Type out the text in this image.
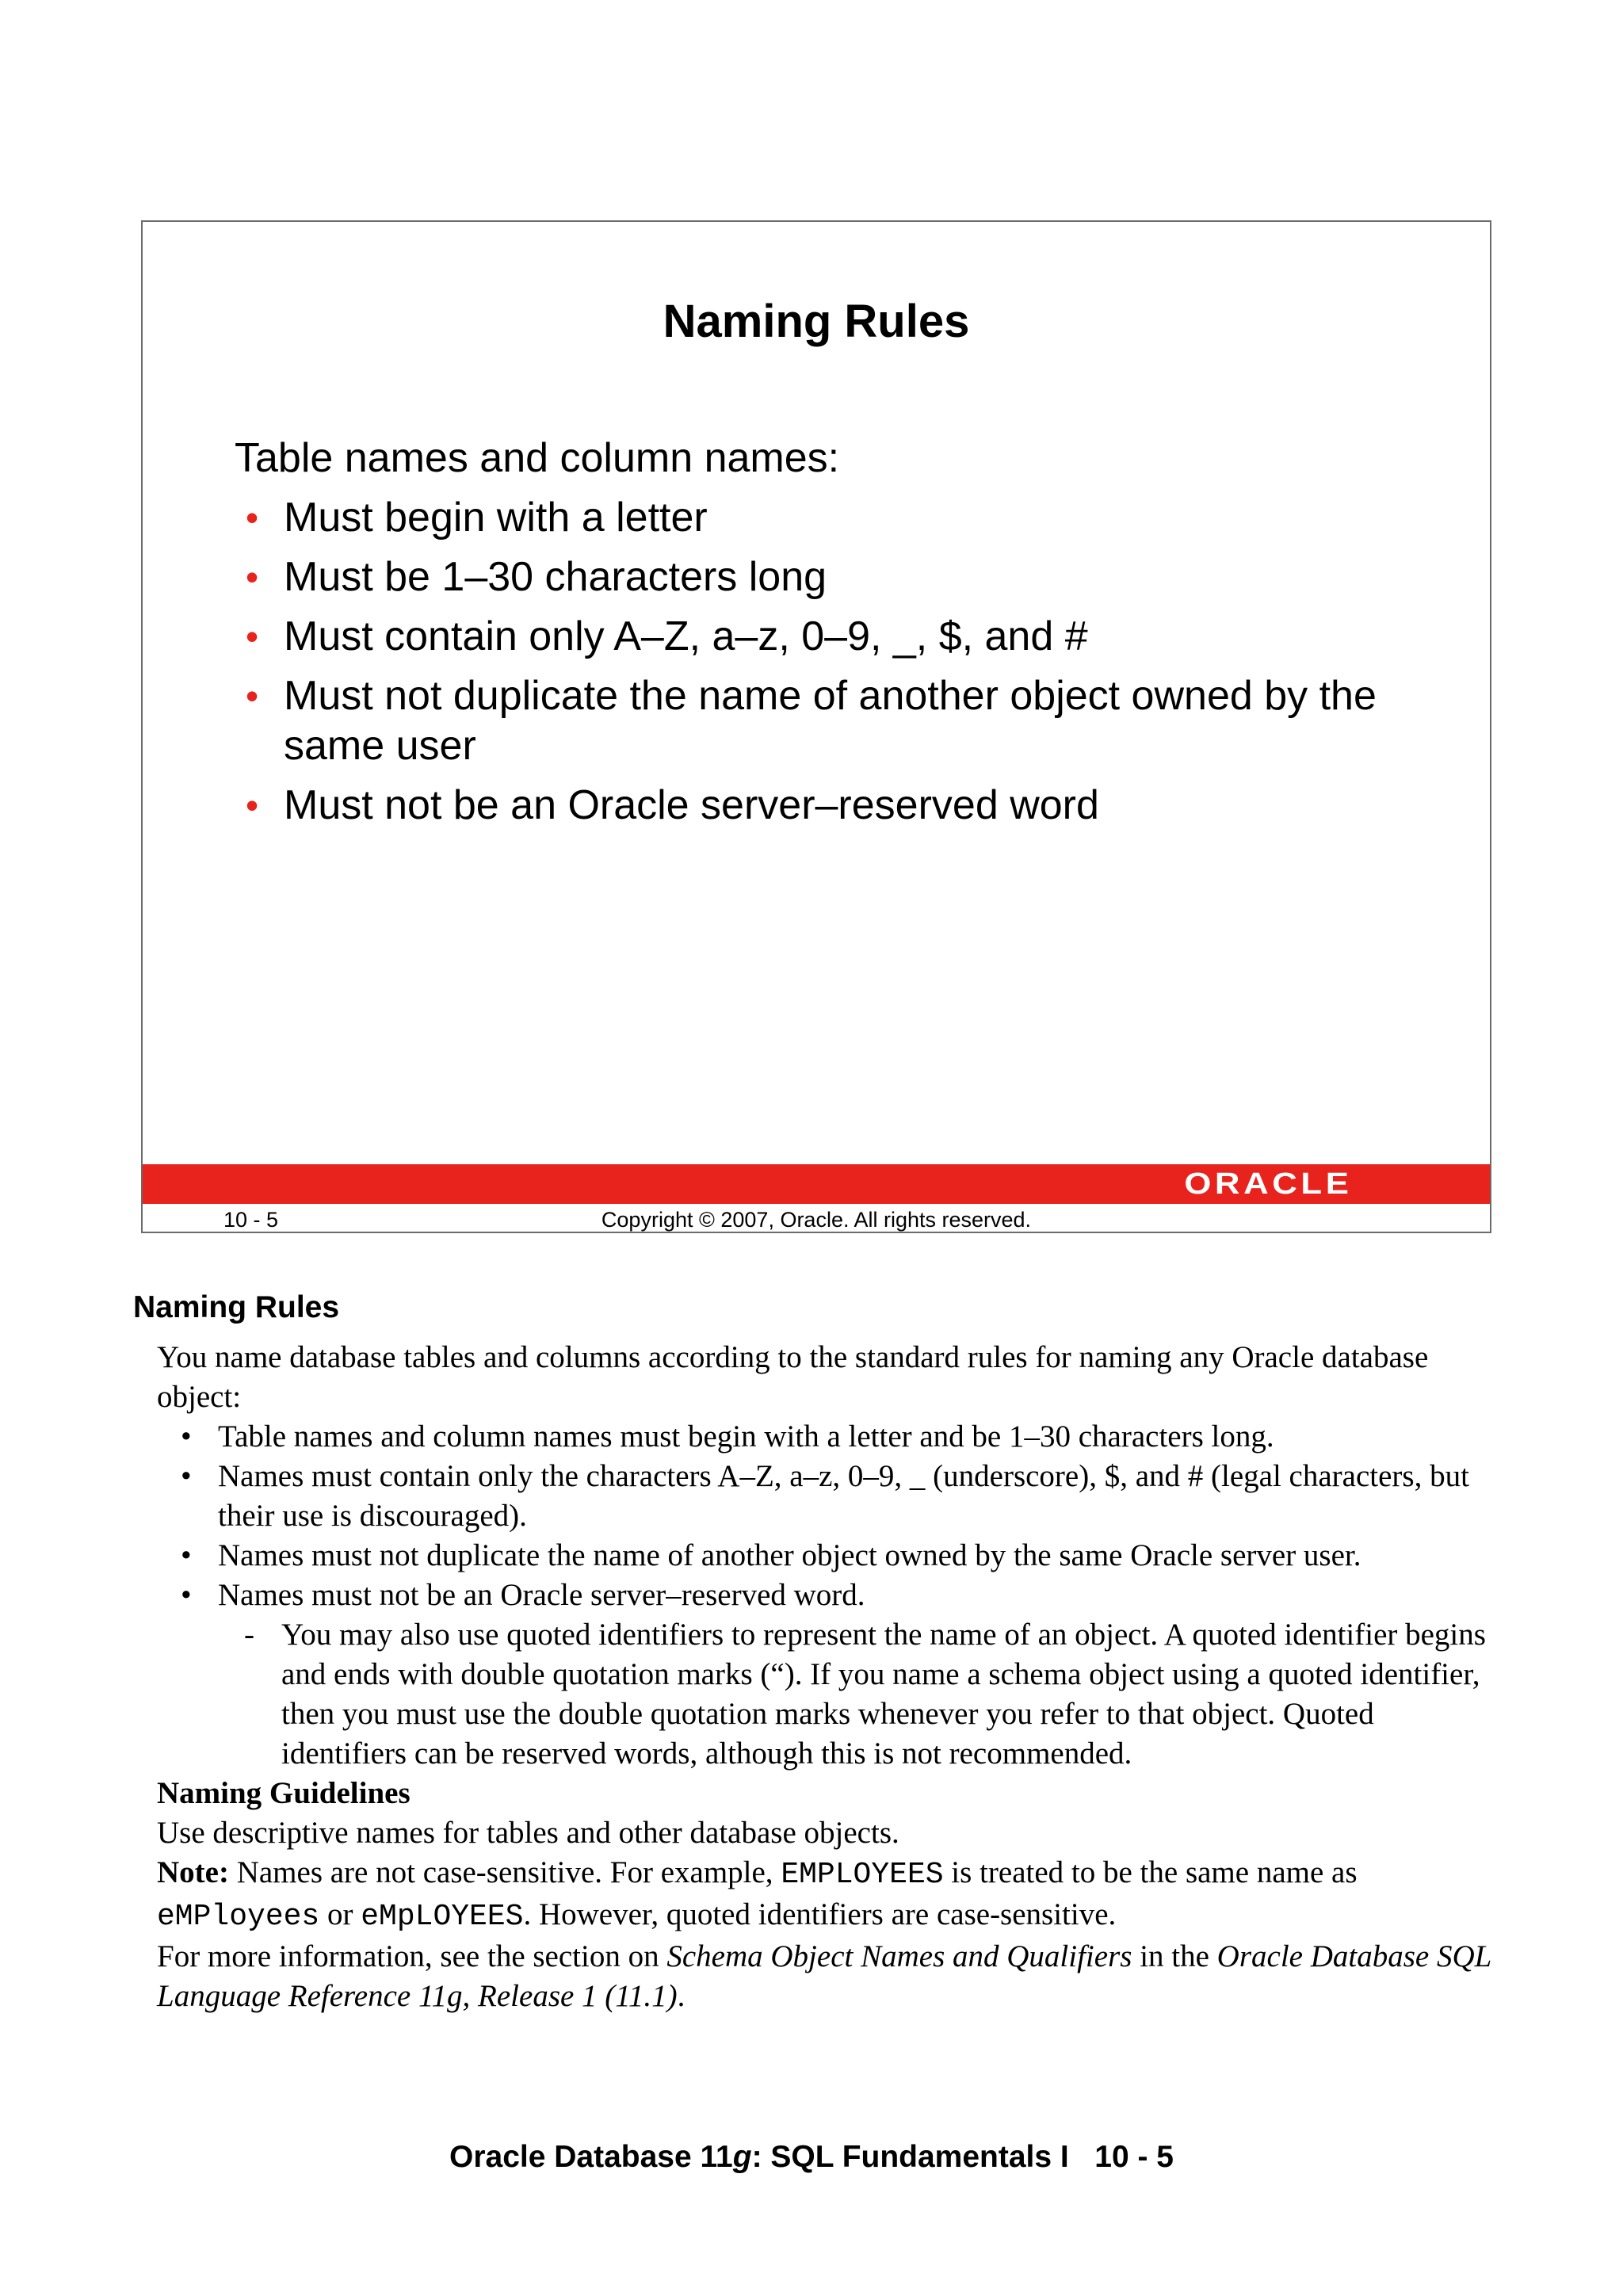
Naming Rules
Table names and column names:
• Must begin with a letter
• Must be 1–30 characters long
• Must contain only A–Z, a–z, 0–9, _, $, and #
• Must not duplicate the name of another object owned by the same user
• Must not be an Oracle server–reserved word
ORACLE
10 - 5	Copyright © 2007, Oracle. All rights reserved.
Naming Rules

You name database tables and columns according to the standard rules for naming any Oracle database object:

• Table names and column names must begin with a letter and be 1–30 characters long.
• Names must contain only the characters A–Z, a–z, 0–9, _ (underscore), $, and # (legal characters, but their use is discouraged).
• Names must not duplicate the name of another object owned by the same Oracle server user.
• Names must not be an Oracle server–reserved word.
- You may also use quoted identifiers to represent the name of an object. A quoted identifier begins and ends with double quotation marks (“). If you name a schema object using a quoted identifier, then you must use the double quotation marks whenever you refer to that object. Quoted identifiers can be reserved words, although this is not recommended.

Naming Guidelines

Use descriptive names for tables and other database objects.

Note: Names are not case-sensitive. For example, EMPLOYEES is treated to be the same name as eMPloyees or eMpLOYEES. However, quoted identifiers are case-sensitive.

For more information, see the section on Schema Object Names and Qualifiers in the Oracle Database SQL Language Reference 11g, Release 1 (11.1).

Oracle Database 11g: SQL Fundamentals I 10 - 5
